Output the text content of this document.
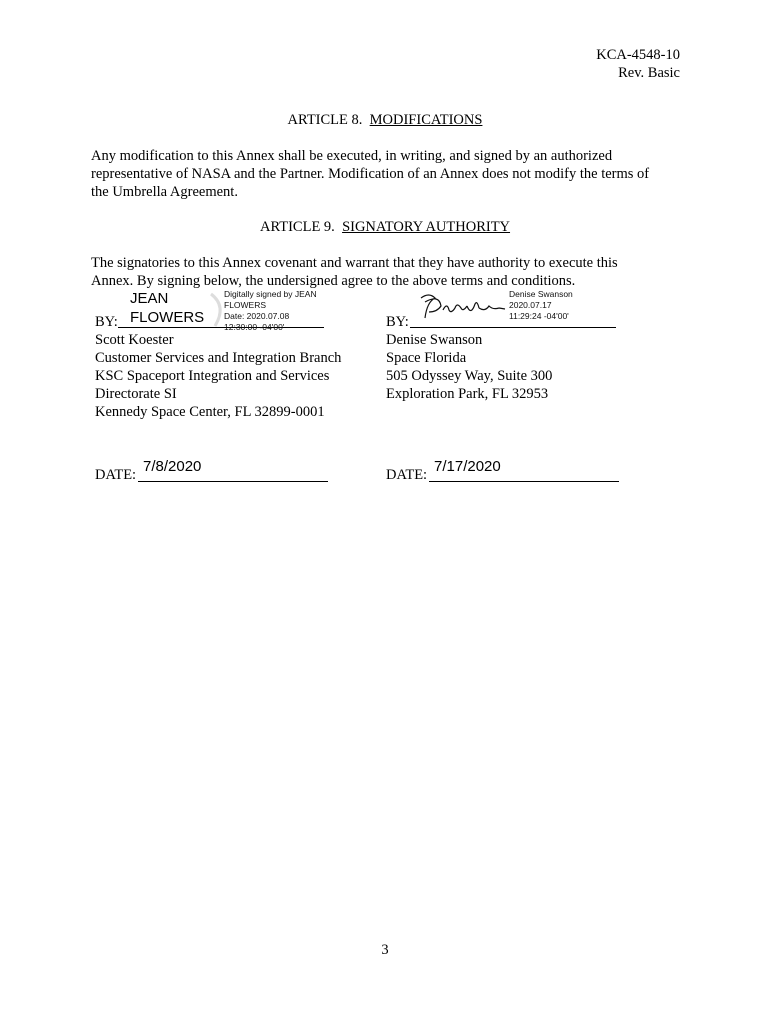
KCA-4548-10
Rev. Basic
ARTICLE 8. MODIFICATIONS
Any modification to this Annex shall be executed, in writing, and signed by an authorized
representative of NASA and the Partner. Modification of an Annex does not modify the terms of
the Umbrella Agreement.
ARTICLE 9. SIGNATORY AUTHORITY
The signatories to this Annex covenant and warrant that they have authority to execute this
Annex. By signing below, the undersigned agree to the above terms and conditions.
BY:
JEAN
FLOWERS
Digitally signed by JEAN
FLOWERS
Date: 2020.07.08
12:30:00 -04'00'
Scott Koester
Customer Services and Integration Branch
KSC Spaceport Integration and Services
Directorate SI
Kennedy Space Center, FL 32899-0001
DATE: 7/8/2020
BY:
Denise Swanson
2020.07.17
11:29:24 -04'00'
Denise Swanson
Space Florida
505 Odyssey Way, Suite 300
Exploration Park, FL 32953
DATE: 7/17/2020
3
